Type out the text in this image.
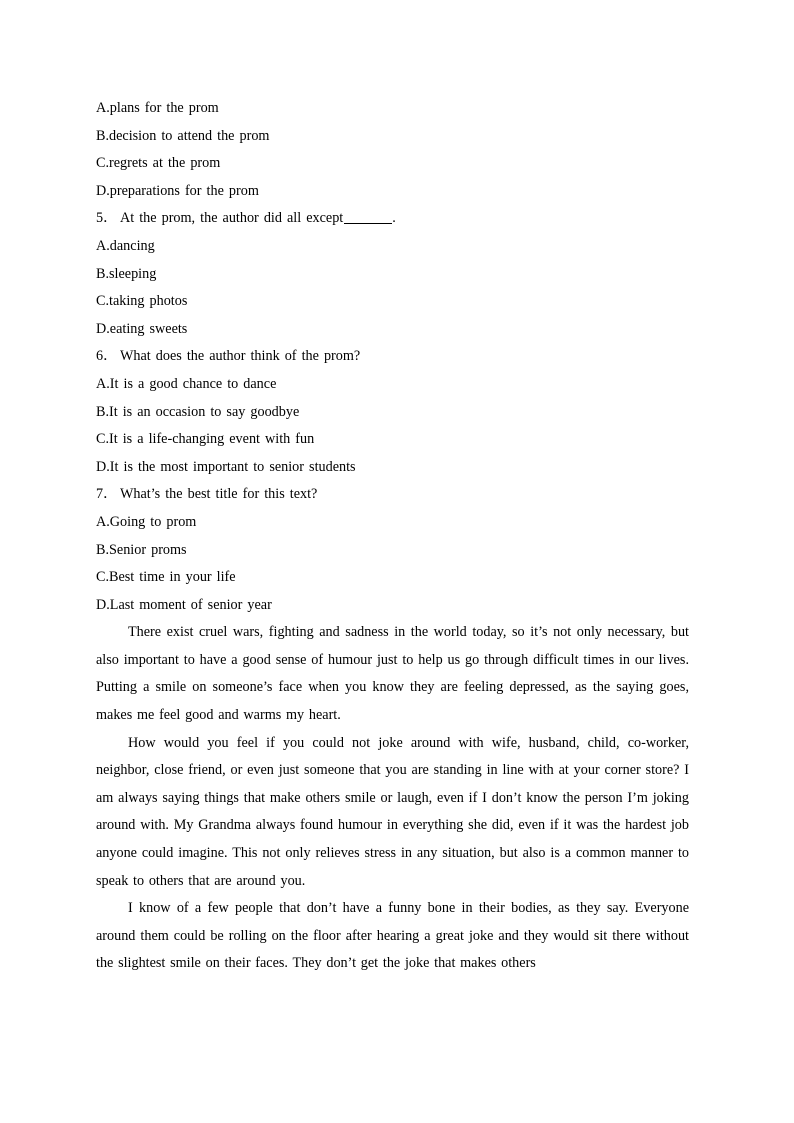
A.plans for the prom
B.decision to attend the prom
C.regrets at the prom
D.preparations for the prom
5． At the prom, the author did all except	.
A.dancing
B.sleeping
C.taking photos
D.eating sweets
6． What does the author think of the prom?
A.It is a good chance to dance
B.It is an occasion to say goodbye
C.It is a life-changing event with fun
D.It is the most important to senior students
7． What’s the best title for this text?
A.Going to prom
B.Senior proms
C.Best time in your life
D.Last moment of senior year

There exist cruel wars, fighting and sadness in the world today, so it’s not only necessary, but also important to have a good sense of humour just to help us go through difficult times in our lives. Putting a smile on someone’s face when you know they are feeling depressed, as the saying goes, makes me feel good and warms my heart.

How would you feel if you could not joke around with wife, husband, child, co-worker, neighbor, close friend, or even just someone that you are standing in line with at your corner store? I am always saying things that make others smile or laugh, even if I don’t know the person I’m joking around with. My Grandma always found humour in everything she did, even if it was the hardest job anyone could imagine. This not only relieves stress in any situation, but also is a common manner to speak to others that are around you.

I know of a few people that don’t have a funny bone in their bodies, as they say. Everyone around them could be rolling on the floor after hearing a great joke and they would sit there without the slightest smile on their faces. They don’t get the joke that makes others
